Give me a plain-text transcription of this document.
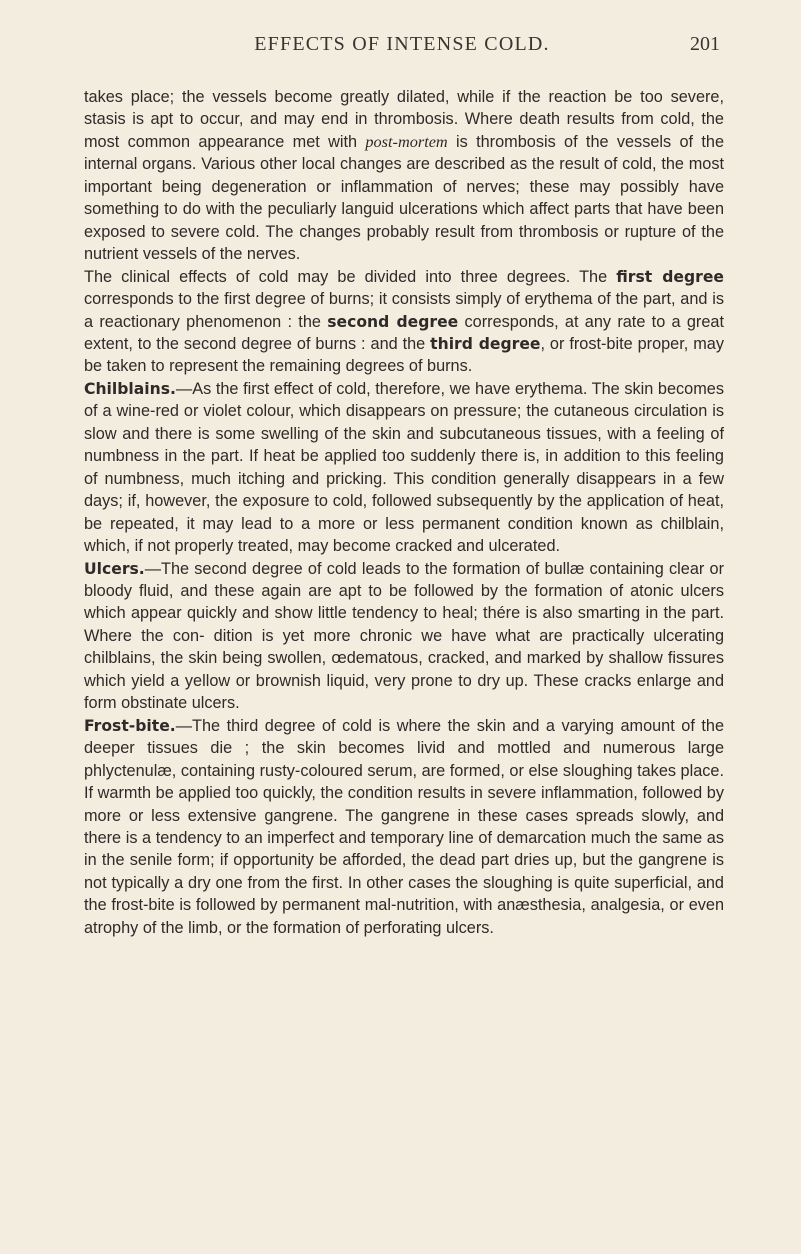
EFFECTS OF INTENSE COLD.	201

takes place; the vessels become greatly dilated, while if the reaction be too severe, stasis is apt to occur, and may end in thrombosis. Where death results from cold, the most common appearance met with post-mortem is thrombosis of the vessels of the internal organs. Various other local changes are described as the result of cold, the most important being degeneration or inflammation of nerves; these may possibly have something to do with the peculiarly languid ulcerations which affect parts that have been exposed to severe cold. The changes probably result from thrombosis or rupture of the nutrient vessels of the nerves.

The clinical effects of cold may be divided into three degrees. The first degree corresponds to the first degree of burns; it consists simply of erythema of the part, and is a reactionary phenomenon : the second degree corresponds, at any rate to a great extent, to the second degree of burns : and the third degree, or frost-bite proper, may be taken to represent the remaining degrees of burns.

Chilblains.—As the first effect of cold, therefore, we have erythema. The skin becomes of a wine-red or violet colour, which disappears on pressure; the cutaneous circulation is slow and there is some swelling of the skin and subcutaneous tissues, with a feeling of numbness in the part. If heat be applied too suddenly there is, in addition to this feeling of numbness, much itching and pricking. This condition generally disappears in a few days; if, however, the exposure to cold, followed subsequently by the application of heat, be repeated, it may lead to a more or less permanent condition known as chilblain, which, if not properly treated, may become cracked and ulcerated.

Ulcers.—The second degree of cold leads to the formation of bullæ containing clear or bloody fluid, and these again are apt to be followed by the formation of atonic ulcers which appear quickly and show little tendency to heal; thére is also smarting in the part. Where the con- dition is yet more chronic we have what are practically ulcerating chilblains, the skin being swollen, œdematous, cracked, and marked by shallow fissures which yield a yellow or brownish liquid, very prone to dry up. These cracks enlarge and form obstinate ulcers.

Frost-bite.—The third degree of cold is where the skin and a varying amount of the deeper tissues die ; the skin becomes livid and mottled and numerous large phlyctenulæ, containing rusty-coloured serum, are formed, or else sloughing takes place. If warmth be applied too quickly, the condition results in severe inflammation, followed by more or less extensive gangrene. The gangrene in these cases spreads slowly, and there is a tendency to an imperfect and temporary line of demarcation much the same as in the senile form; if opportunity be afforded, the dead part dries up, but the gangrene is not typically a dry one from the first. In other cases the sloughing is quite superficial, and the frost-bite is followed by permanent mal-nutrition, with anæsthesia, analgesia, or even atrophy of the limb, or the formation of perforating ulcers.
